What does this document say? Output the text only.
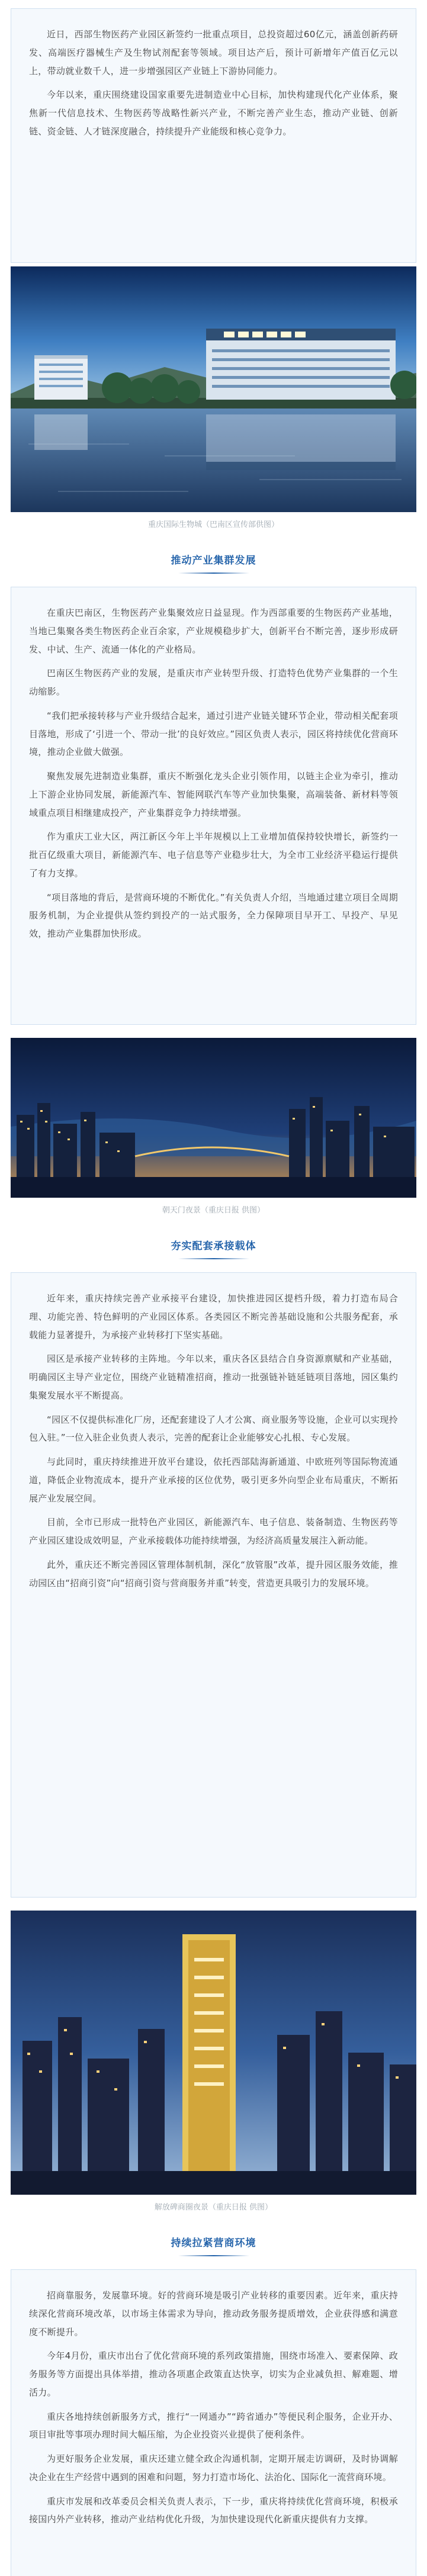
近日，西部生物医药产业园区新签约一批重点项目，总投资超过60亿元，涵盖创新药研发、高端医疗器械生产及生物试剂配套等领域。项目达产后，预计可新增年产值百亿元以上，带动就业数千人，进一步增强园区产业链上下游协同能力。

今年以来，重庆围绕建设国家重要先进制造业中心目标，加快构建现代化产业体系，聚焦新一代信息技术、生物医药等战略性新兴产业，不断完善产业生态，推动产业链、创新链、资金链、人才链深度融合，持续提升产业能级和核心竞争力。

重庆国际生物城（巴南区宣传部供图）
推动产业集群发展

在重庆巴南区，生物医药产业集聚效应日益显现。作为西部重要的生物医药产业基地，当地已集聚各类生物医药企业百余家，产业规模稳步扩大，创新平台不断完善，逐步形成研发、中试、生产、流通一体化的产业格局。

巴南区生物医药产业的发展，是重庆市产业转型升级、打造特色优势产业集群的一个生动缩影。

“我们把承接转移与产业升级结合起来，通过引进产业链关键环节企业，带动相关配套项目落地，形成了‘引进一个、带动一批’的良好效应。”园区负责人表示，园区将持续优化营商环境，推动企业做大做强。

聚焦发展先进制造业集群，重庆不断强化龙头企业引领作用，以链主企业为牵引，推动上下游企业协同发展，新能源汽车、智能网联汽车等产业加快集聚，高端装备、新材料等领域重点项目相继建成投产，产业集群竞争力持续增强。

作为重庆工业大区，两江新区今年上半年规模以上工业增加值保持较快增长，新签约一批百亿级重大项目，新能源汽车、电子信息等产业稳步壮大，为全市工业经济平稳运行提供了有力支撑。

“项目落地的背后，是营商环境的不断优化。”有关负责人介绍，当地通过建立项目全周期服务机制，为企业提供从签约到投产的一站式服务，全力保障项目早开工、早投产、早见效，推动产业集群加快形成。

朝天门夜景（重庆日报 供图）
夯实配套承接载体

近年来，重庆持续完善产业承接平台建设，加快推进园区提档升级，着力打造布局合理、功能完善、特色鲜明的产业园区体系。各类园区不断完善基础设施和公共服务配套，承载能力显著提升，为承接产业转移打下坚实基础。

园区是承接产业转移的主阵地。今年以来，重庆各区县结合自身资源禀赋和产业基础，明确园区主导产业定位，围绕产业链精准招商，推动一批强链补链延链项目落地，园区集约集聚发展水平不断提高。

“园区不仅提供标准化厂房，还配套建设了人才公寓、商业服务等设施，企业可以实现拎包入驻。”一位入驻企业负责人表示，完善的配套让企业能够安心扎根、专心发展。

与此同时，重庆持续推进开放平台建设，依托西部陆海新通道、中欧班列等国际物流通道，降低企业物流成本，提升产业承接的区位优势，吸引更多外向型企业布局重庆，不断拓展产业发展空间。

目前，全市已形成一批特色产业园区，新能源汽车、电子信息、装备制造、生物医药等产业园区建设成效明显，产业承接载体功能持续增强，为经济高质量发展注入新动能。

此外，重庆还不断完善园区管理体制机制，深化“放管服”改革，提升园区服务效能，推动园区由“招商引资”向“招商引资与营商服务并重”转变，营造更具吸引力的发展环境。

解放碑商圈夜景（重庆日报 供图）
持续拉紧营商环境

招商靠服务，发展靠环境。好的营商环境是吸引产业转移的重要因素。近年来，重庆持续深化营商环境改革，以市场主体需求为导向，推动政务服务提质增效，企业获得感和满意度不断提升。

今年4月份，重庆市出台了优化营商环境的系列政策措施，围绕市场准入、要素保障、政务服务等方面提出具体举措，推动各项惠企政策直达快享，切实为企业减负担、解难题、增活力。

重庆各地持续创新服务方式，推行“一网通办”“跨省通办”等便民利企服务，企业开办、项目审批等事项办理时间大幅压缩，为企业投资兴业提供了便利条件。

为更好服务企业发展，重庆还建立健全政企沟通机制，定期开展走访调研，及时协调解决企业在生产经营中遇到的困难和问题，努力打造市场化、法治化、国际化一流营商环境。

重庆市发展和改革委员会相关负责人表示，下一步，重庆将持续优化营商环境，积极承接国内外产业转移，推动产业结构优化升级，为加快建设现代化新重庆提供有力支撑。
